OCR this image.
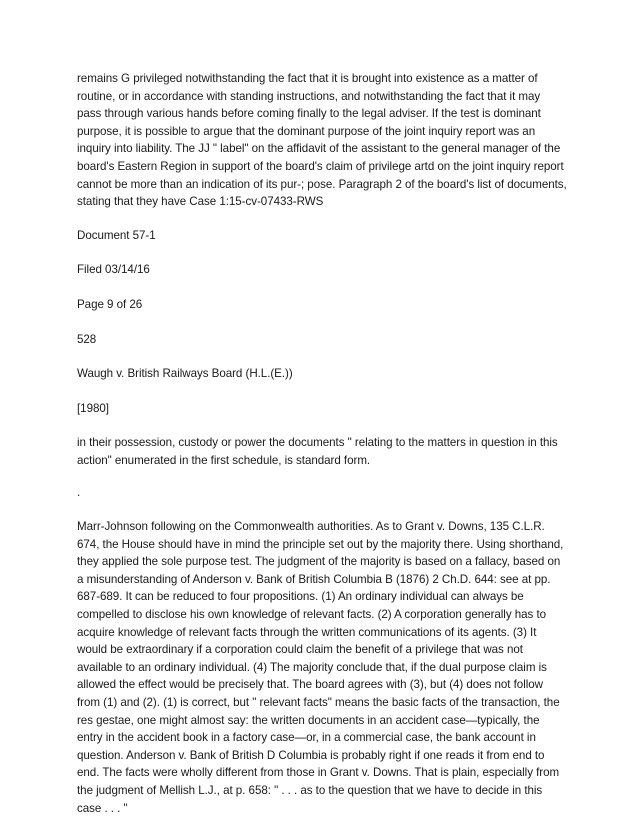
remains G privileged notwithstanding the fact that it is brought into existence as a matter of routine, or in accordance with standing instructions, and notwithstanding the fact that it may pass through various hands before coming finally to the legal adviser. If the test is dominant purpose, it is possible to argue that the dominant purpose of the joint inquiry report was an inquiry into liability. The JJ " label" on the affidavit of the assistant to the general manager of the board's Eastern Region in support of the board's claim of privilege artd on the joint inquiry report cannot be more than an indication of its pur-; pose. Paragraph 2 of the board's list of documents, stating that they have Case 1:15-cv-07433-RWS

Document 57-1

Filed 03/14/16

Page 9 of 26

528

Waugh v. British Railways Board (H.L.(E.))

[1980]

in their possession, custody or power the documents " relating to the matters in question in this action" enumerated in the first schedule, is standard form.

.

Marr-Johnson following on the Commonwealth authorities. As to Grant v. Downs, 135 C.L.R. 674, the House should have in mind the principle set out by the majority there. Using shorthand, they applied the sole purpose test. The judgment of the majority is based on a fallacy, based on a misunderstanding of Anderson v. Bank of British Columbia B (1876) 2 Ch.D. 644: see at pp. 687-689. It can be reduced to four propositions. (1) An ordinary individual can always be compelled to disclose his own knowledge of relevant facts. (2) A corporation generally has to acquire knowledge of relevant facts through the written communications of its agents. (3) It would be extraordinary if a corporation could claim the benefit of a privilege that was not available to an ordinary individual. (4) The majority conclude that, if the dual purpose claim is allowed the effect would be precisely that. The board agrees with (3), but (4) does not follow from (1) and (2). (1) is correct, but " relevant facts" means the basic facts of the transaction, the res gestae, one might almost say: the written documents in an accident case—typically, the entry in the accident book in a factory case—or, in a commercial case, the bank account in question. Anderson v. Bank of British D Columbia is probably right if one reads it from end to end. The facts were wholly different from those in Grant v. Downs. That is plain, especially from the judgment of Mellish L.J., at p. 658: " . . . as to the question that we have to decide in this case . . . "
